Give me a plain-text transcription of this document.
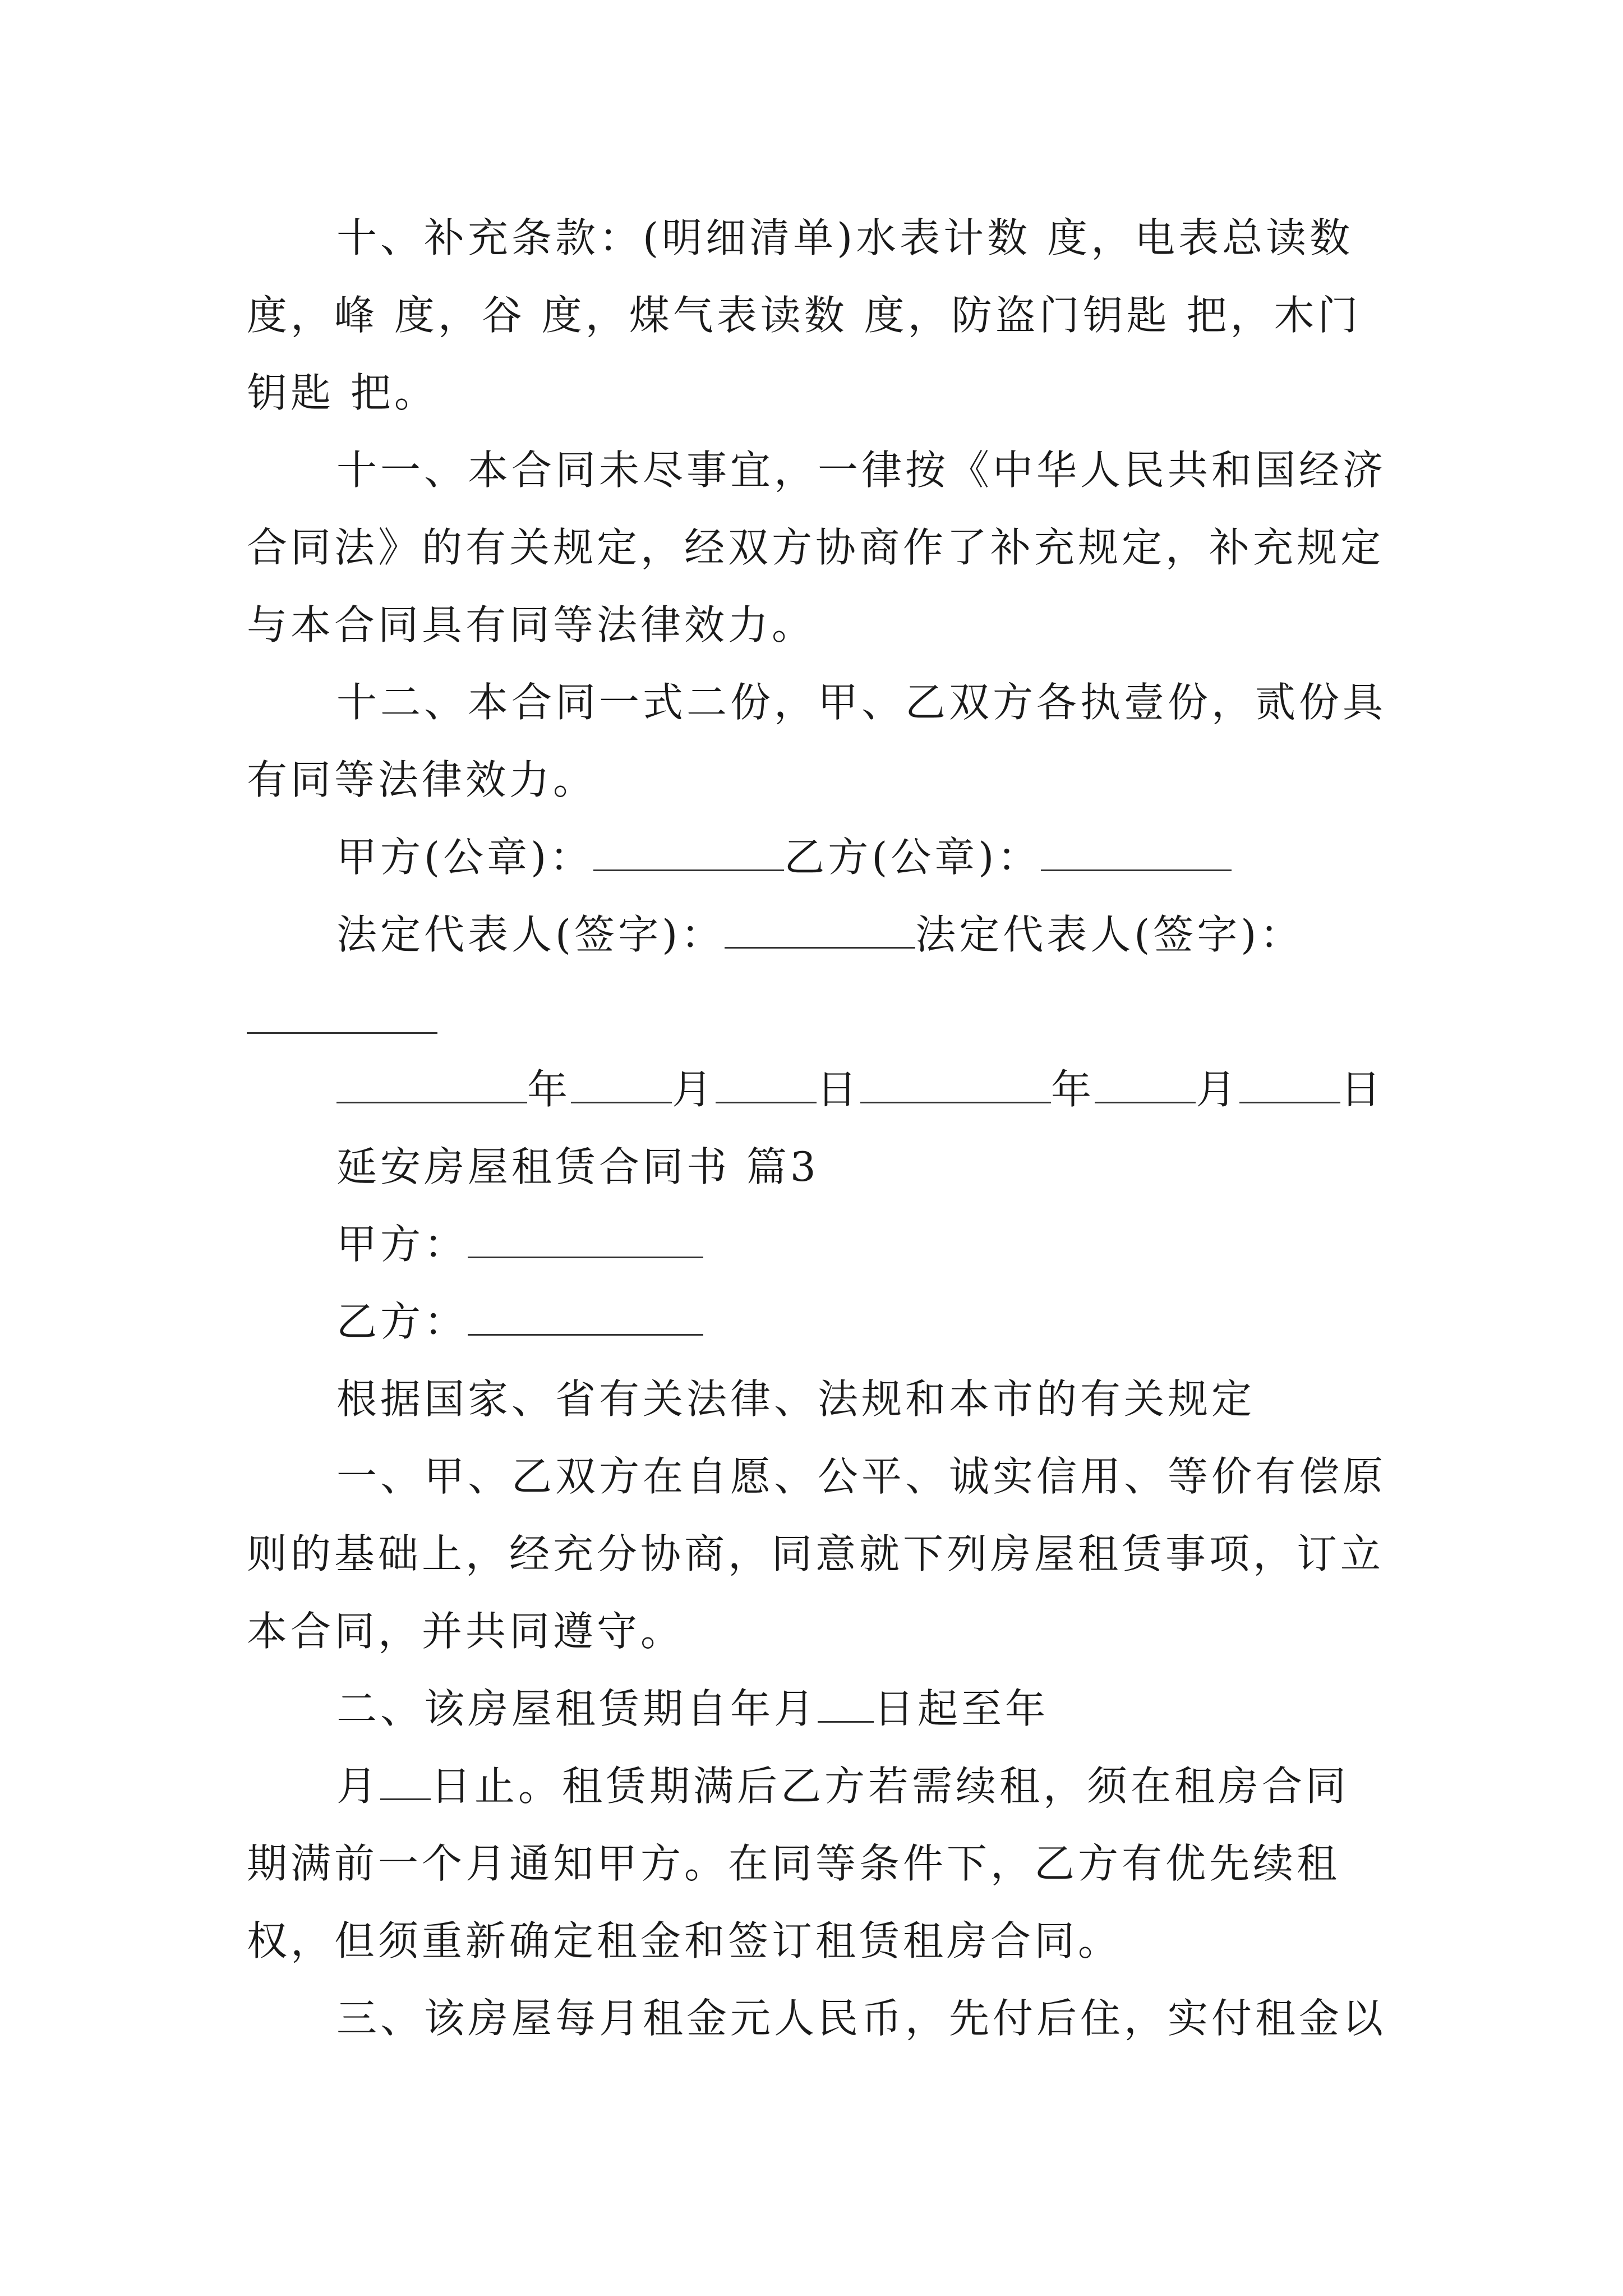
十、补充条款：(明细清单)水表计数 度，电表总读数度，峰 度，谷 度，煤气表读数 度，防盗门钥匙 把，木门钥匙 把。

十一、本合同未尽事宜，一律按《中华人民共和国经济合同法》的有关规定，经双方协商作了补充规定，补充规定与本合同具有同等法律效力。

十二、本合同一式二份，甲、乙双方各执壹份，贰份具有同等法律效力。

甲方(公章)：	乙方(公章)：
法定代表人(签字)：	法定代表人(签字)：
年	月	日	年	月	日
延安房屋租赁合同书 篇3
甲方：
乙方：
根据国家、省有关法律、法规和本市的有关规定

一、甲、乙双方在自愿、公平、诚实信用、等价有偿原则的基础上，经充分协商，同意就下列房屋租赁事项，订立本合同，并共同遵守。

二、该房屋租赁期自年月 日起至年

月 日止。租赁期满后乙方若需续租，须在租房合同期满前一个月通知甲方。在同等条件下，乙方有优先续租权，但须重新确定租金和签订租赁租房合同。

三、该房屋每月租金元人民币，先付后住，实付租金以
